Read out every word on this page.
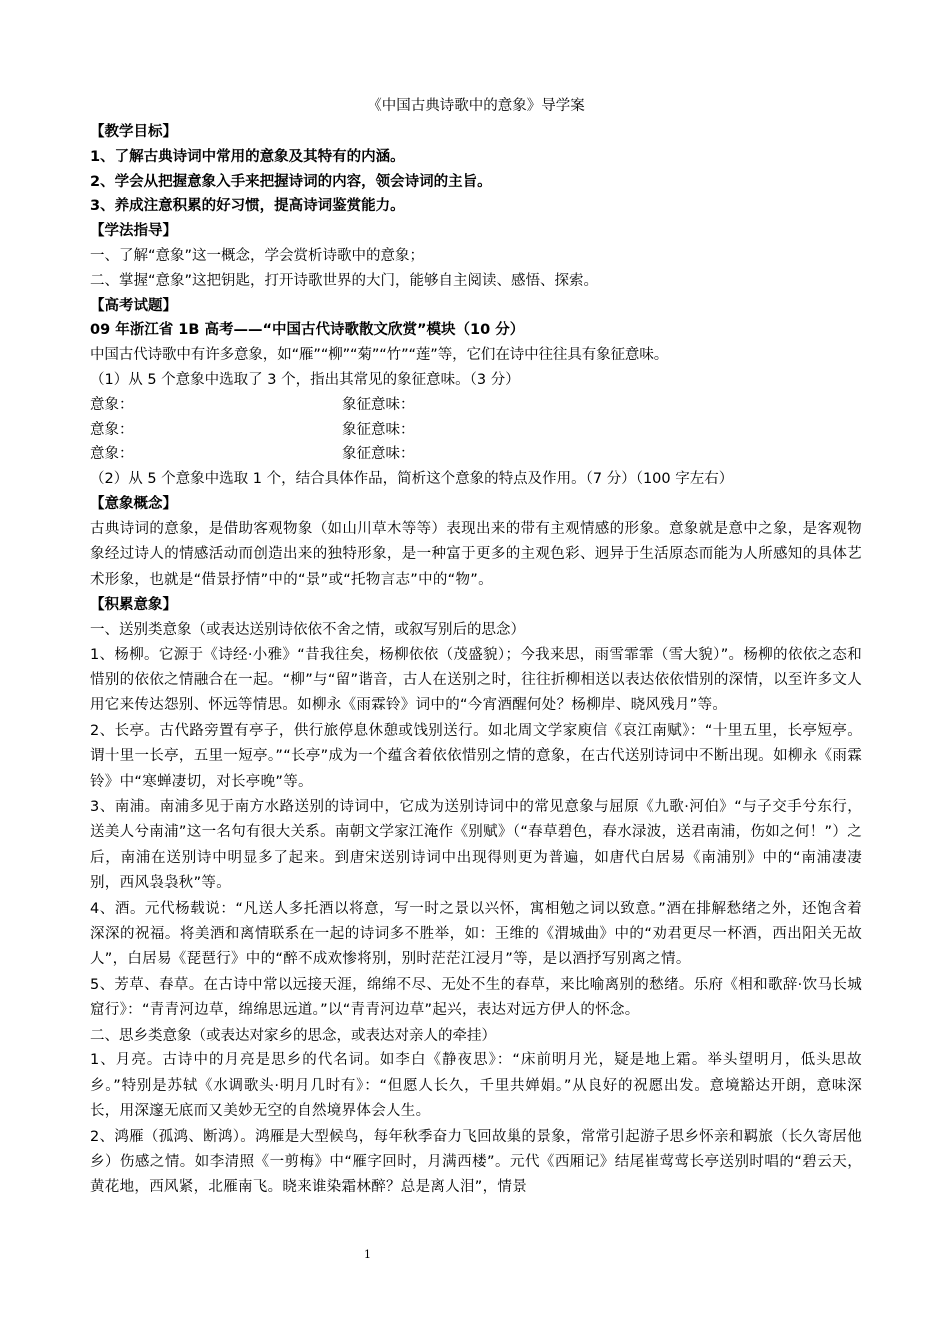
《中国古典诗歌中的意象》导学案

【教学目标】

1、了解古典诗词中常用的意象及其特有的内涵。

2、学会从把握意象入手来把握诗词的内容，领会诗词的主旨。

3、养成注意积累的好习惯，提高诗词鉴赏能力。

【学法指导】

一、了解“意象”这一概念，学会赏析诗歌中的意象；

二、掌握“意象”这把钥匙，打开诗歌世界的大门，能够自主阅读、感悟、探索。

【高考试题】

09 年浙江省 1B 高考——“中国古代诗歌散文欣赏”模块（10 分）

中国古代诗歌中有许多意象，如“雁”“柳”“菊”“竹”“莲”等，它们在诗中往往具有象征意味。

（1）从 5 个意象中选取了 3 个，指出其常见的象征意味。（3 分）

意象：	象征意味：
意象：	象征意味：
意象：	象征意味：

（2）从 5 个意象中选取 1 个，结合具体作品，简析这个意象的特点及作用。（7 分）（100 字左右）

【意象概念】

古典诗词的意象，是借助客观物象（如山川草木等等）表现出来的带有主观情感的形象。意象就是意中之象，是客观物象经过诗人的情感活动而创造出来的独特形象，是一种富于更多的主观色彩、迥异于生活原态而能为人所感知的具体艺术形象，也就是“借景抒情”中的“景”或“托物言志”中的“物”。

【积累意象】

一、送别类意象（或表达送别诗依依不舍之情，或叙写别后的思念）

1、杨柳。它源于《诗经·小雅》“昔我往矣，杨柳依依（茂盛貌）；今我来思，雨雪霏霏（雪大貌）”。杨柳的依依之态和惜别的依依之情融合在一起。“柳”与“留”谐音，古人在送别之时，往往折柳相送以表达依依惜别的深情，以至许多文人用它来传达怨别、怀远等情思。如柳永《雨霖铃》词中的“今宵酒醒何处？杨柳岸、晓风残月”等。

2、长亭。古代路旁置有亭子，供行旅停息休憩或饯别送行。如北周文学家庾信《哀江南赋》：“十里五里，长亭短亭。谓十里一长亭，五里一短亭。”“长亭”成为一个蕴含着依依惜别之情的意象，在古代送别诗词中不断出现。如柳永《雨霖铃》中“寒蝉凄切，对长亭晚”等。

3、南浦。南浦多见于南方水路送别的诗词中，它成为送别诗词中的常见意象与屈原《九歌·河伯》“与子交手兮东行，送美人兮南浦”这一名句有很大关系。南朝文学家江淹作《别赋》（“春草碧色，春水渌波，送君南浦，伤如之何！”）之后，南浦在送别诗中明显多了起来。到唐宋送别诗词中出现得则更为普遍，如唐代白居易《南浦别》中的“南浦凄凄别，西风袅袅秋”等。

4、酒。元代杨载说：“凡送人多托酒以将意，写一时之景以兴怀，寓相勉之词以致意。”酒在排解愁绪之外，还饱含着深深的祝福。将美酒和离情联系在一起的诗词多不胜举，如：王维的《渭城曲》中的“劝君更尽一杯酒，西出阳关无故人”，白居易《琵琶行》中的“醉不成欢惨将别，别时茫茫江浸月”等，是以酒抒写别离之情。

5、芳草、春草。在古诗中常以远接天涯，绵绵不尽、无处不生的春草，来比喻离别的愁绪。乐府《相和歌辞·饮马长城窟行》：“青青河边草，绵绵思远道。”以“青青河边草”起兴，表达对远方伊人的怀念。

二、思乡类意象（或表达对家乡的思念，或表达对亲人的牵挂）

1、月亮。古诗中的月亮是思乡的代名词。如李白《静夜思》：“床前明月光，疑是地上霜。举头望明月，低头思故乡。”特别是苏轼《水调歌头·明月几时有》：“但愿人长久，千里共婵娟。”从良好的祝愿出发。意境豁达开朗，意味深长，用深邃无底而又美妙无空的自然境界体会人生。

2、鸿雁（孤鸿、断鸿）。鸿雁是大型候鸟，每年秋季奋力飞回故巢的景象，常常引起游子思乡怀亲和羁旅（长久寄居他乡）伤感之情。如李清照《一剪梅》中“雁字回时，月满西楼”。元代《西厢记》结尾崔莺莺长亭送别时唱的“碧云天，黄花地，西风紧，北雁南飞。晓来谁染霜林醉？总是离人泪”，情景

1
